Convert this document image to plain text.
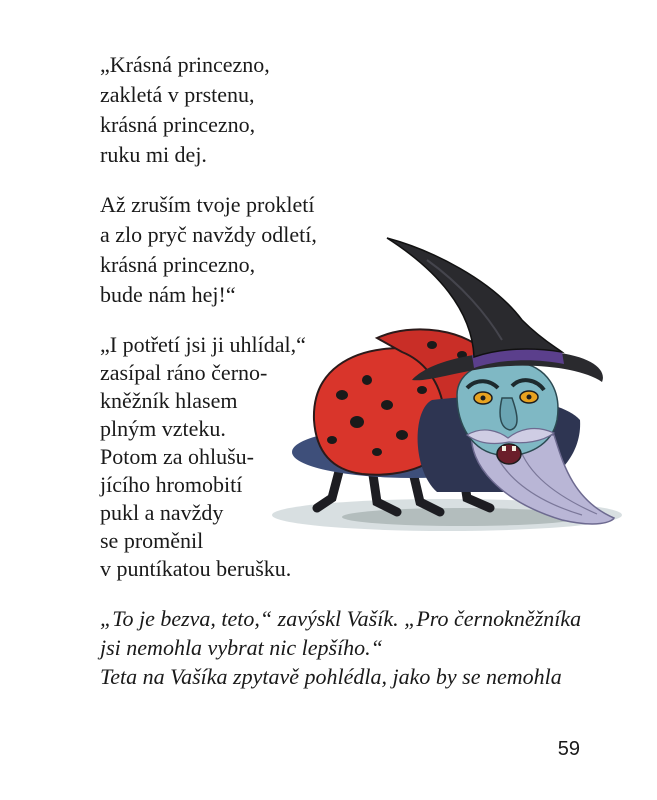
„Krásná princezno,

zakletá v prstenu,

krásná princezno,

ruku mi dej.

Až zruším tvoje prokletí

a zlo pryč navždy odletí,

krásná princezno,

bude nám hej!“

„I potřetí jsi ji uhlídal,“

zasípal ráno černo-

kněžník hlasem

plným vzteku.

Potom za ohlušu-

jícího hromobití

pukl a navždy

se proměnil

v puntíkatou berušku.

„To je bezva, teto,“ zavýskl Vašík. „Pro černokněžníka

jsi nemohla vybrat nic lepšího.“

Teta na Vašíka zpytavě pohlédla, jako by se nemohla

59
